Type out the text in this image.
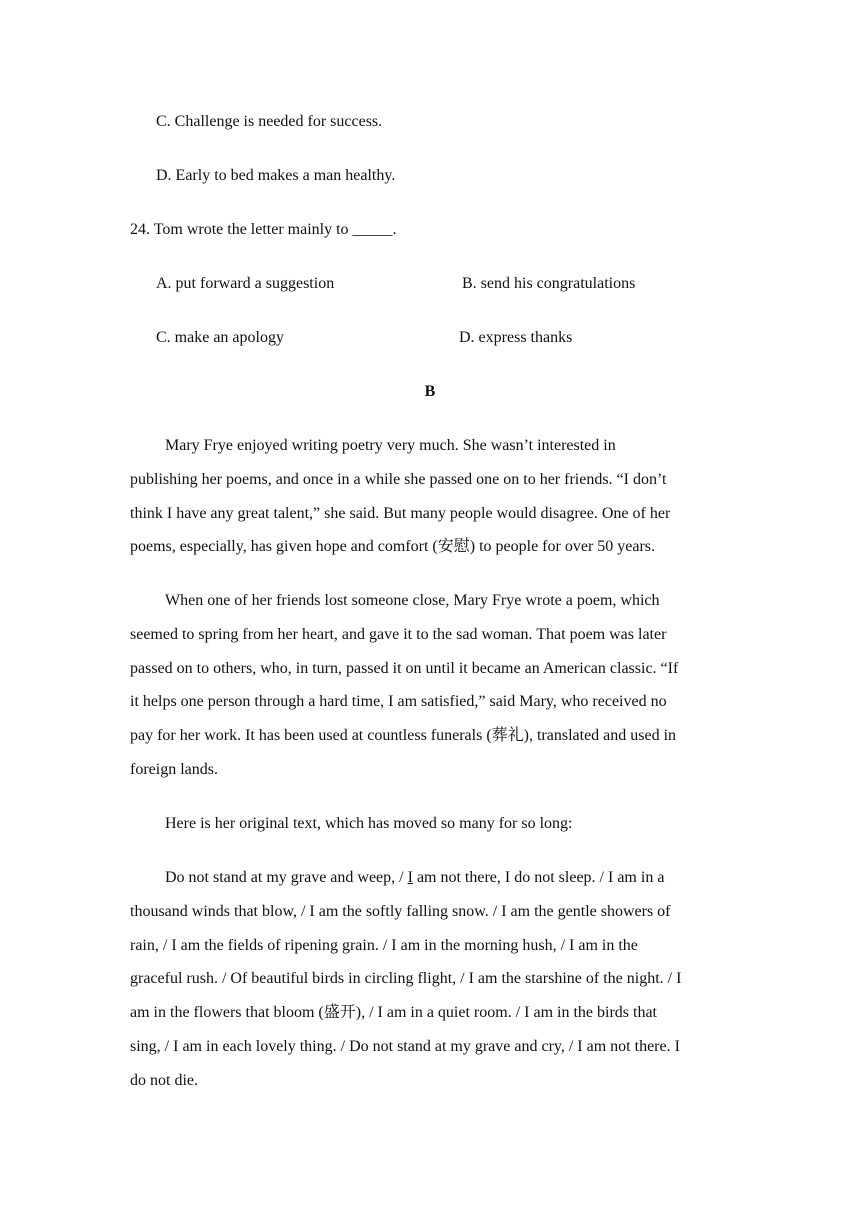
C. Challenge is needed for success.
D. Early to bed makes a man healthy.
24. Tom wrote the letter mainly to _____.
A. put forward a suggestion	B. send his congratulations
C. make an apology	D. express thanks
B
Mary Frye enjoyed writing poetry very much. She wasn’t interested in
publishing her poems, and once in a while she passed one on to her friends. “I don’t
think I have any great talent,” she said. But many people would disagree. One of her
poems, especially, has given hope and comfort (安慰) to people for over 50 years.
When one of her friends lost someone close, Mary Frye wrote a poem, which
seemed to spring from her heart, and gave it to the sad woman. That poem was later
passed on to others, who, in turn, passed it on until it became an American classic. “If
it helps one person through a hard time, I am satisfied,” said Mary, who received no
pay for her work. It has been used at countless funerals (葬礼), translated and used in
foreign lands.
Here is her original text, which has moved so many for so long:
Do not stand at my grave and weep, / I am not there, I do not sleep. / I am in a
thousand winds that blow, / I am the softly falling snow. / I am the gentle showers of
rain, / I am the fields of ripening grain. / I am in the morning hush, / I am in the
graceful rush. / Of beautiful birds in circling flight, / I am the starshine of the night. / I
am in the flowers that bloom (盛开), / I am in a quiet room. / I am in the birds that
sing, / I am in each lovely thing. / Do not stand at my grave and cry, / I am not there. I
do not die.
